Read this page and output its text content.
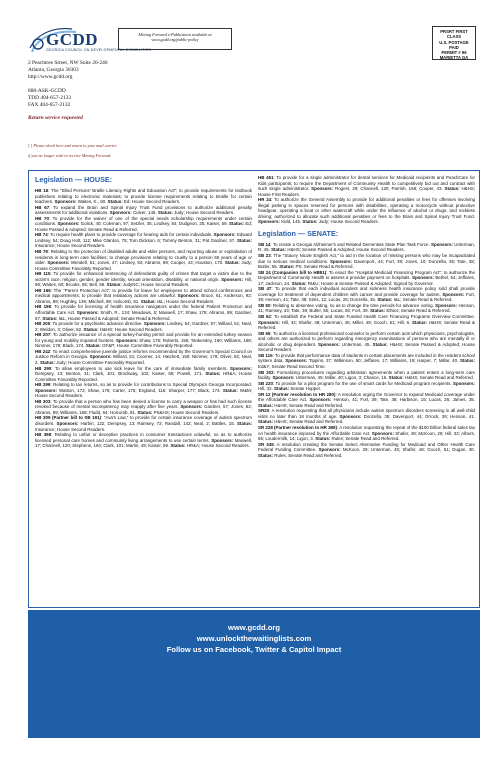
GCDD
GEORGIA COUNCIL ON DEVELOPMENTAL DISABILITIES
Moving Forward e-Publication available at www.gcdd.org/public-policy
PRSRT FIRST CLASS
U.S. POSTAGE
PAID
PERMIT # 96
MARIETTA GA
2 Peachtree Street, NW Suite 26-246
Atlanta, Georgia 30303
http://www.gcdd.org
888-ASK-GCDD
TDD 404-657-2133
FAX 404-657-2132
Return service requested
[ ] Please check here and return to your mail carrier
if you no longer wish to receive Moving Forward.
Legislation — HOUSE:
HB 18: The "Blind Persons' Braille Literacy Rights and Education Act"; to provide requirements for textbook publishers relating to electronic materials; to provide license requirements relating to Braille for certain teachers. Sponsors: Waites, K., 60. Status: Ed; House Second Readers.
HB 67: To expand the Brain and Spinal Injury Trust Fund provisions to authorize additional penalty assessments for additional violations. Sponsors: Culver, 145. Status: Judy; House Second Readers.
HB 70: To provide for the waiver of one of the special needs scholarship requirements under certain conditions. Sponsors: Golick, 40; Coleman, 97; Setzler, 35; Lindsey, 54; Dudgeon, 25; Kaiser, 59. Status: Ed; House Passed & Adopted; Senate Read & Referred.
HB 74: To require health plans to provide coverage for hearing aids for certain individuals. Sponsors: Edward Lindsey, 54; Doug Holt, 112; Mike Glanton, 75; Tom Dickson, 6; Tommy Benton, 31; Pat Gardner, 57. Status: Insurance; House Second Readers.
HB 78: Relating to the protection of disabled adults and elder persons, and reporting abuse or exploitation of residents in long-term care facilities; to change provisions relating to cruelty to a person 65 years of age or older. Sponsors: Wendell, 51; Jones, 47; Lindsey, 54; Abrams, 89; Cooper, 43; Houston, 170. Status: Judy; House Committee Favorably Reported.
HB 115: To provide for enhanced sentencing of defendants guilty of crimes that target a victim due to the victim's race, religion, gender, gender identity, sexual orientation, disability, or national origin. Sponsors: Hill, 96; Waites, 60; Brooks, 55; Bell, 58. Status: JudyNC; House Second Readers.
HB 166: The "Parent Protection Act"; to provide for leave for employees to attend school conferences and medical appointments; to provide that retaliatory actions are unlawful. Sponsors: Bruce, 61; Anderson, 92; Abrams, 89; Hughley, 136; Mitchell, 88; Holcomb, 81. Status: I&L; House Second Readers.
HB 198: To provide for licensing of health insurance navigators under the federal Patient Protection and Affordable Care Act. Sponsors: Smith, R., 134; Meadows, 5; Maxwell, 17; Shaw, 176; Abrams, 89; Gardner, 57. Status: I&L; House Passed & Adopted; Senate Read & Referred.
HB 205: To provide for a psychiatric advance directive. Sponsors: Lindsey, 54; Gardner, 57; Willard, 51; Neal, 2; Weldon, 3; Oliver, 82. Status: H&HS; House Second Readers.
HB 207: To authorize issuance of a special turkey-hunting permit and provide for an extended turkey season for young and mobility impaired hunters. Sponsors: Shaw, 176; Roberts, 155; Tankersley, 160; Williams, 168; Nimmer, 178; Black, 174. Status: GF&P; House Committee Favorably Reported.
HB 242: To enact comprehensive juvenile justice reforms recommended by the Governor's Special Council on Justice Reform in Georgia. Sponsors: Willard, 51; Coomer, 14; Hatchett, 150; Nimmer, 178; Oliver, 82; Neal, 2. Status: Judy; House Committee Favorably Reported.
HB 290: To allow employees to use sick leave for the care of immediate family members. Sponsors: Dempsey, 13; Benton, 31; Clark, 101; Brockway, 102; Kaiser, 59; Powell, 171. Status: HR&A; House Committee Favorably Reported.
HB 299: Relating to tax returns, so as to provide for contributions to Special Olympics Georgia Incorporated. Sponsors: Watson, 172; Shaw, 176; Carter, 175; England, 116; Sharper, 177; Black, 174. Status: W&M; House Second Readers.
HB 303: To provide that a person who has been denied a license to carry a weapon or has had such license revoked because of mental incompetency may reapply after five years. Sponsors: Gardner, 57; Jones, 62; Abrams, 89; Williams, 168; Fludd, 64; Holcomb, 81. Status: PS&HS; House Second Readers.
HB 309 (Partner bill to SB 191): "Ava's Law," to provide for certain insurance coverage of autism spectrum disorders. Sponsors: Harbin, 122; Dempsey, 13; Ramsey, 72; Randall, 142; Neal, 2; Battles, 15. Status: Insurance; House Second Readers.
HB 398: Relating to unfair or deceptive practices in consumer transactions unlawful, so as to authorize licensed personal care homes and community living arrangements to use certain terms. Sponsors: Maxwell, 17; Channell, 120; Stephens, 164; Clark, 101; Martin, 49; Kaiser, 59. Status: HR&A; House Second Readers.
HB 461: To provide for a single administrator for dental services for Medicaid recipients and PeachCare for Kids participants; to require the Department of Community Health to competitively bid out and contract with such single administrator. Sponsors: Rogers, 29; Channell, 120; Parrish, 158; Cooper, 43. Status: H&HS; House First Readers.
HR 24: To authorize the General Assembly to provide for additional penalties or fees for offenses involving illegal parking in spaces reserved for persons with disabilities, operating a motorcycle without protective headgear, operating a boat or other watercraft while under the influence of alcohol or drugs, and reckless driving; authorized to allocate such additional penalties or fees to the Brain and Spinal Injury Trust Fund. Sponsors: Kidd, 145. Status: Judy; House Second Readers.
Legislation — SENATE:
SB 14: To create a Georgia Alzheimer's and Related Dementias State Plan Task Force. Sponsors: Unterman, R. 45. Status: H&HS; Senate Passed & Adopted; House Second Readers.
SB 23: The "Stacey Nicole English Act," to aid in the location of missing persons who may be incapacitated due to serious medical conditions. Sponsors: Davenport, 44; Fort, 39; Jones, 10; Donzella, 35; Tate, 38; Butler, 55. Status: PS; Senate Read & Referred.
SB 24 (Companion bill to HB51): To enact the "Hospital Medicaid Financing Program Act"; to authorize the Department of Community Health to assess a provider payment on hospitals. Sponsors: Bethel, 54; Jeffares, 17; Jackson, 24. Status: RI&U; House & Senate Passed & Adopted; Signed by Governor.
SB 47: To provide that each individual accident and sickness health insurance policy sold shall provide coverage for treatment of dependent children with cancer and provide coverage for autism. Sponsors: Fort, 39; Henson, 41; Tate, 38; Sims, 12; Lucas, 26; Donzella, 35. Status: I&L; Senate Read & Referred.
SB 50: Relating to absentee voting, so as to change the time periods for advance voting. Sponsors: Henson, 41; Ramsey, 43; Tate, 38; Butler, 55; Lucas, 26; Fort, 39. Status: Ethics; Senate Read & Referred.
SB 62: To establish the Federal and State Funded Health Care Financing Programs Overview Committee. Sponsors: Hill, 32; Shafer, 48; Unterman, 45; Miller, 49; Gooch, 51; Hill, 6. Status: H&HS; Senate Read & Referred.
SB 65: To authorize a licensed professional counselor to perform certain acts which physicians, psychologists, and others are authorized to perform regarding emergency examinations of persons who are mentally ill or alcoholic or drug dependent. Sponsors: Unterman, 45. Status: H&HS; Senate Passed & Adopted; House Second Readers.
SB 115: To provide that performance data of students in certain placements are included in the resident school system data. Sponsors: Tippins, 37; Wilkinson, 50; Jeffares, 17; Williams, 19; Harper, 7; Millar, 40. Status: Ed&Y; Senate Read Second Time.
SB 202: Formalizing procedures regarding arbitration agreements when a patient enters a long-term care facility. Sponsors: Unterman, 45; Millar, 40; Ligon, 3; Chance, 16. Status: H&HS; Senate Read and Referred.
SB 220: To provide for a pilot program for the use of smart cards for Medicaid program recipients. Sponsors: Hill, 32. Status: Senate Hopper.
SR 12 (Partner resolution to HR 280): A resolution urging the Governor to expand Medicaid coverage under the Affordable Care Act. Sponsors: Henson, 41; Fort, 39; Tate, 38; Harbison, 15; Lucas, 26; James, 35. Status: H&HS; Senate Read and Referred.
SR20: A resolution requesting that all physicians include autism spectrum disorders screening in all well-child visits no later than 18 months of age. Sponsors: Donzella, 35; Davenport, 44; Orrock, 36; Henson, 41. Status: H&HS; Senate Read and Referred.
SR 228 (Partner resolution to HR 389): A resolution requesting the repeal of the $100 billion federal sales tax on health insurance imposed by the Affordable Care Act. Sponsors: Shafer, 48; McKoon, 29; Hill, 32; Albers, 56; Loudermilk, 14; Ligon, 3. Status: Rules; Senate Read and Referred.
SR 345: A resolution creating the Senate Select Alternative Funding for Medicaid and Other Health Care Federal Funding Committee. Sponsors: McKoon, 29; Unterman, 45; Shafer, 48; Gooch, 51; Dugan, 30. Status: Rules, Senate Read and Referred.
www.gcdd.org
www.unlockthewaitinglists.com
Follow us on Facebook, Twitter & Capitol Impact
